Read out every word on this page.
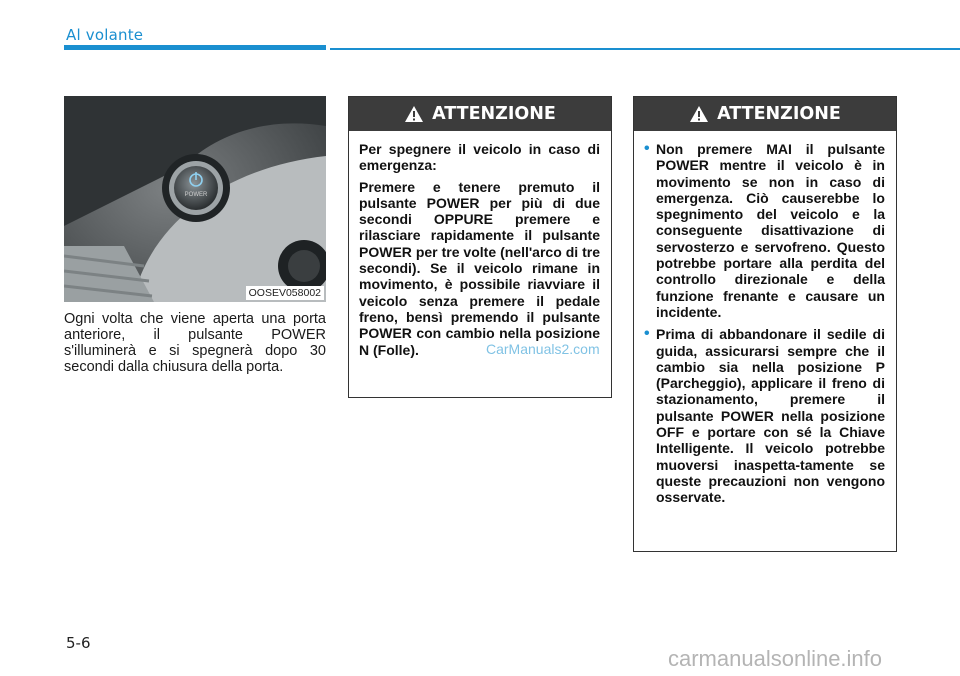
Al volante
POWER
OOSEV058002
Ogni volta che viene aperta una porta anteriore, il pulsante POWER s'illuminerà e si spegnerà dopo 30 secondi dalla chiusura della porta.
ATTENZIONE

Per spegnere il veicolo in caso di emergenza:

Premere e tenere premuto il pulsante POWER per più di due secondi OPPURE premere e rilasciare rapidamente il pulsante POWER per tre volte (nell'arco di tre secondi). Se il veicolo rimane in movimento, è possibile riavviare il veicolo senza premere il pedale freno, bensì premendo il pulsante POWER con cambio nella posizione N (Folle).	CarManuals2.com
ATTENZIONE
• Non premere MAI il pulsante POWER mentre il veicolo è in movimento se non in caso di emergenza. Ciò causerebbe lo spegnimento del veicolo e la conseguente disattivazione di servosterzo e servofreno. Questo potrebbe portare alla perdita del controllo direzionale e della funzione frenante e causare un incidente.
• Prima di abbandonare il sedile di guida, assicurarsi sempre che il cambio sia nella posizione P (Parcheggio), applicare il freno di stazionamento, premere il pulsante POWER nella posizione OFF e portare con sé la Chiave Intelligente. Il veicolo potrebbe muoversi inaspetta-tamente se queste precauzioni non vengono osservate.
5-6
carmanualsonline.info
